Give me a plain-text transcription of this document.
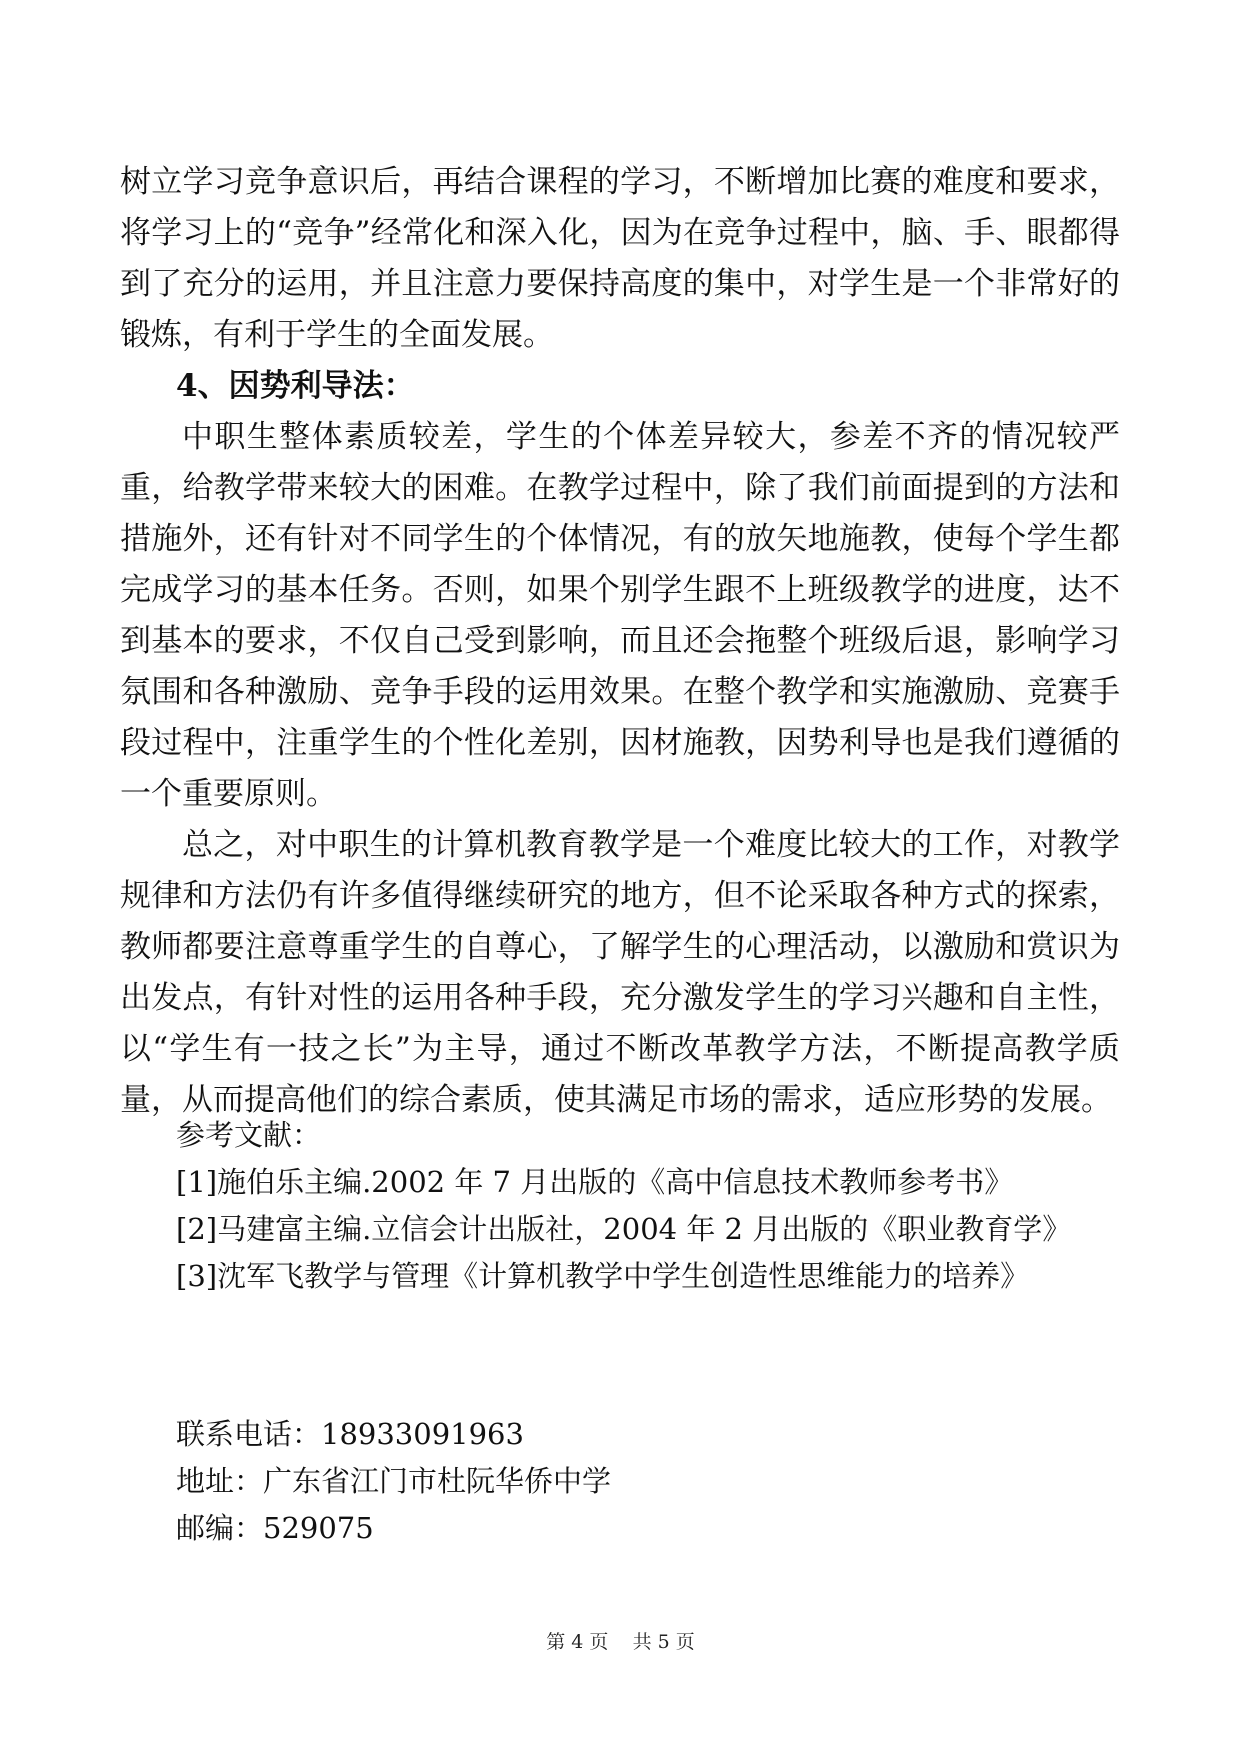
树立学习竞争意识后，再结合课程的学习，不断增加比赛的难度和要求，将学习上的“竞争”经常化和深入化，因为在竞争过程中，脑、手、眼都得到了充分的运用，并且注意力要保持高度的集中，对学生是一个非常好的锻炼，有利于学生的全面发展。

4、因势利导法：

中职生整体素质较差，学生的个体差异较大，参差不齐的情况较严重，给教学带来较大的困难。在教学过程中，除了我们前面提到的方法和措施外，还有针对不同学生的个体情况，有的放矢地施教，使每个学生都完成学习的基本任务。否则，如果个别学生跟不上班级教学的进度，达不到基本的要求，不仅自己受到影响，而且还会拖整个班级后退，影响学习氛围和各种激励、竞争手段的运用效果。在整个教学和实施激励、竞赛手段过程中，注重学生的个性化差别，因材施教，因势利导也是我们遵循的一个重要原则。

总之，对中职生的计算机教育教学是一个难度比较大的工作，对教学规律和方法仍有许多值得继续研究的地方，但不论采取各种方式的探索，教师都要注意尊重学生的自尊心，了解学生的心理活动，以激励和赏识为出发点，有针对性的运用各种手段，充分激发学生的学习兴趣和自主性，以“学生有一技之长”为主导，通过不断改革教学方法，不断提高教学质量，从而提高他们的综合素质，使其满足市场的需求，适应形势的发展。

参考文献：
[1]施伯乐主编.2002 年 7 月出版的《高中信息技术教师参考书》
[2]马建富主编.立信会计出版社，2004 年 2 月出版的《职业教育学》
[3]沈军飞教学与管理《计算机教学中学生创造性思维能力的培养》
联系电话：18933091963
地址：广东省江门市杜阮华侨中学
邮编：529075
第 4 页 共 5 页
